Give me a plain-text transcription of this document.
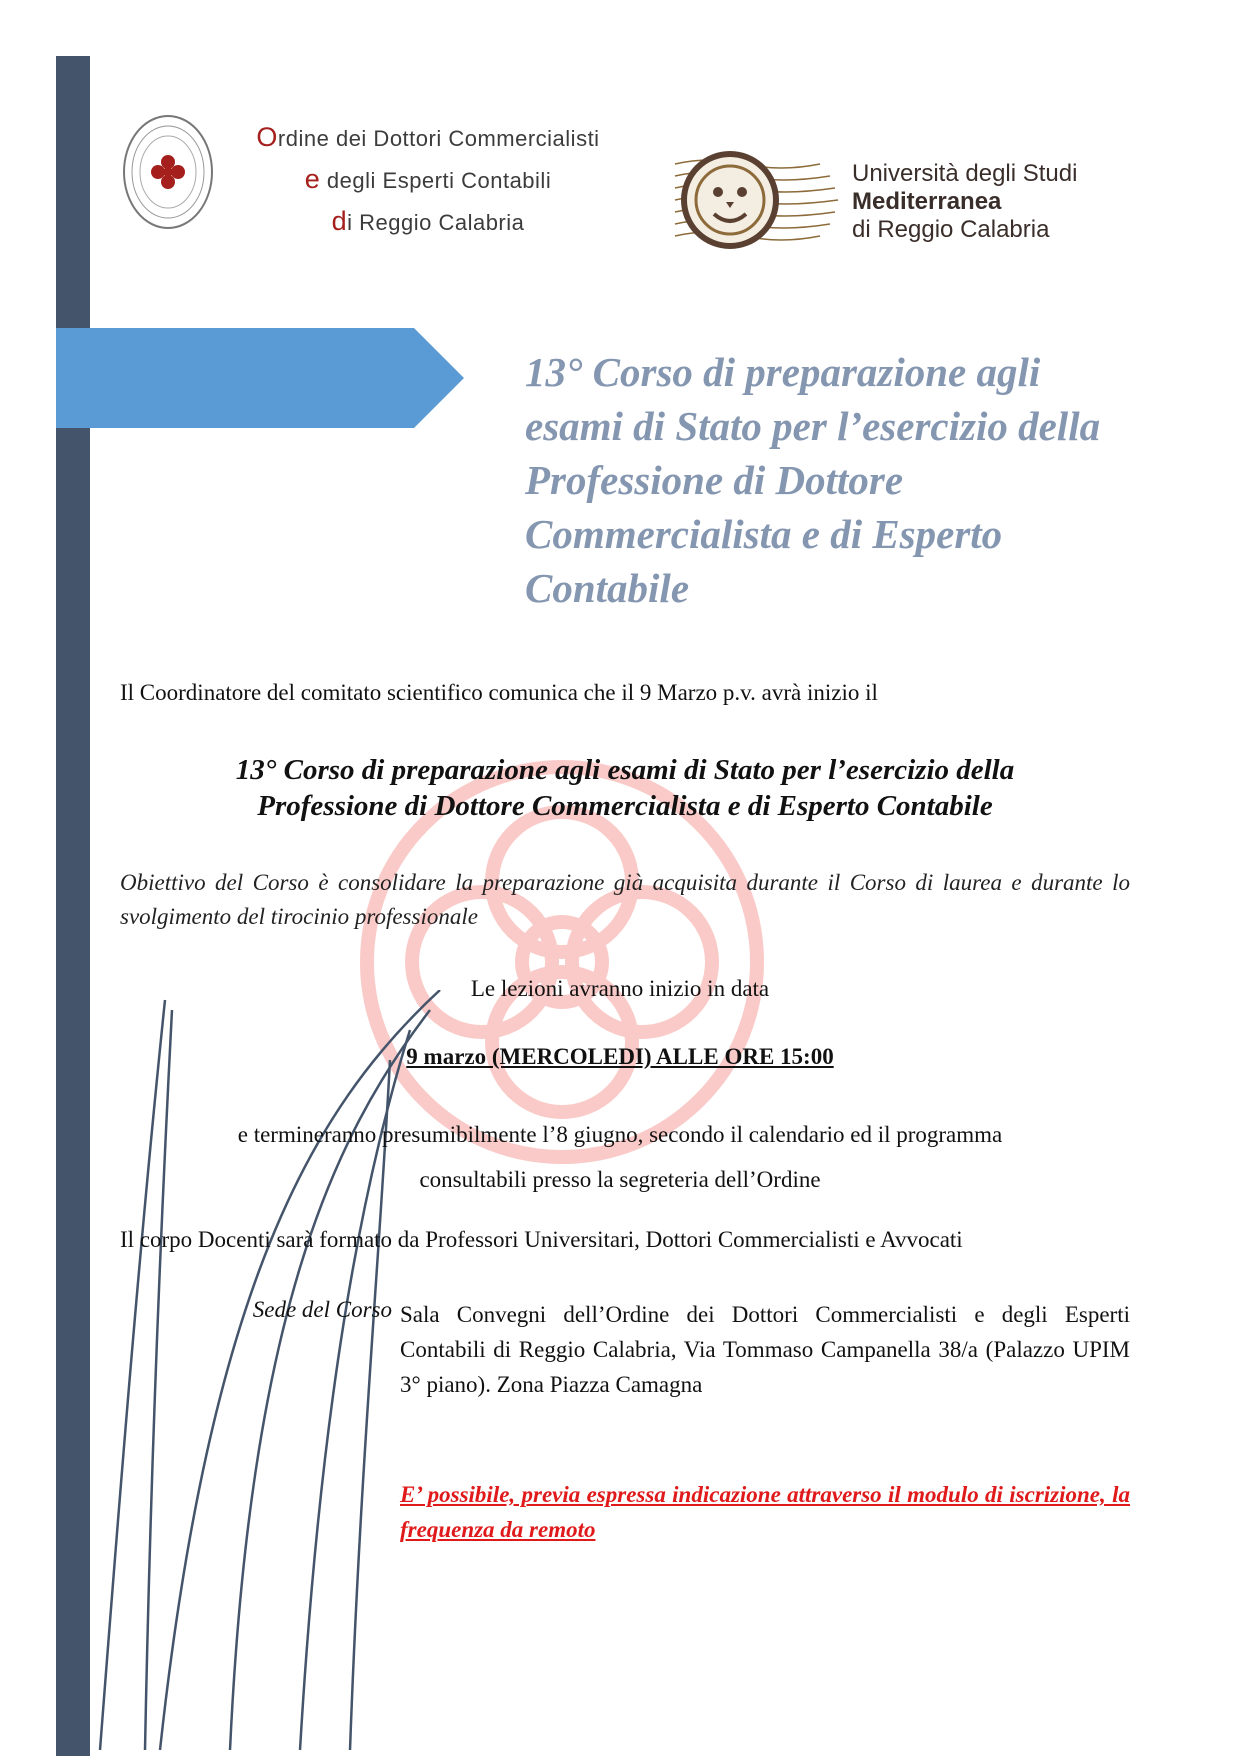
Ordine dei Dottori Commercialisti
e degli Esperti Contabili
di Reggio Calabria
Università degli Studi
Mediterranea
di Reggio Calabria
13° Corso di preparazione agli esami di Stato per l’esercizio della Professione di Dottore Commercialista e di Esperto Contabile
Il Coordinatore del comitato scientifico comunica che il 9 Marzo p.v. avrà inizio il
13° Corso di preparazione agli esami di Stato per l’esercizio della
Professione di Dottore Commercialista e di Esperto Contabile
Obiettivo del Corso è consolidare la preparazione già acquisita durante il Corso di laurea e durante lo svolgimento del tirocinio professionale
Le lezioni avranno inizio in data
9 marzo (MERCOLEDI) ALLE ORE 15:00
e termineranno presumibilmente l’8 giugno, secondo il calendario ed il programma
consultabili presso la segreteria dell’Ordine
Il corpo Docenti sarà formato da Professori Universitari, Dottori Commercialisti e Avvocati
Sede del Corso Sala Convegni dell’Ordine dei Dottori Commercialisti e degli Esperti Contabili di Reggio Calabria, Via Tommaso Campanella 38/a (Palazzo UPIM 3° piano). Zona Piazza Camagna
E’ possibile, previa espressa indicazione attraverso il modulo di iscrizione, la frequenza da remoto
